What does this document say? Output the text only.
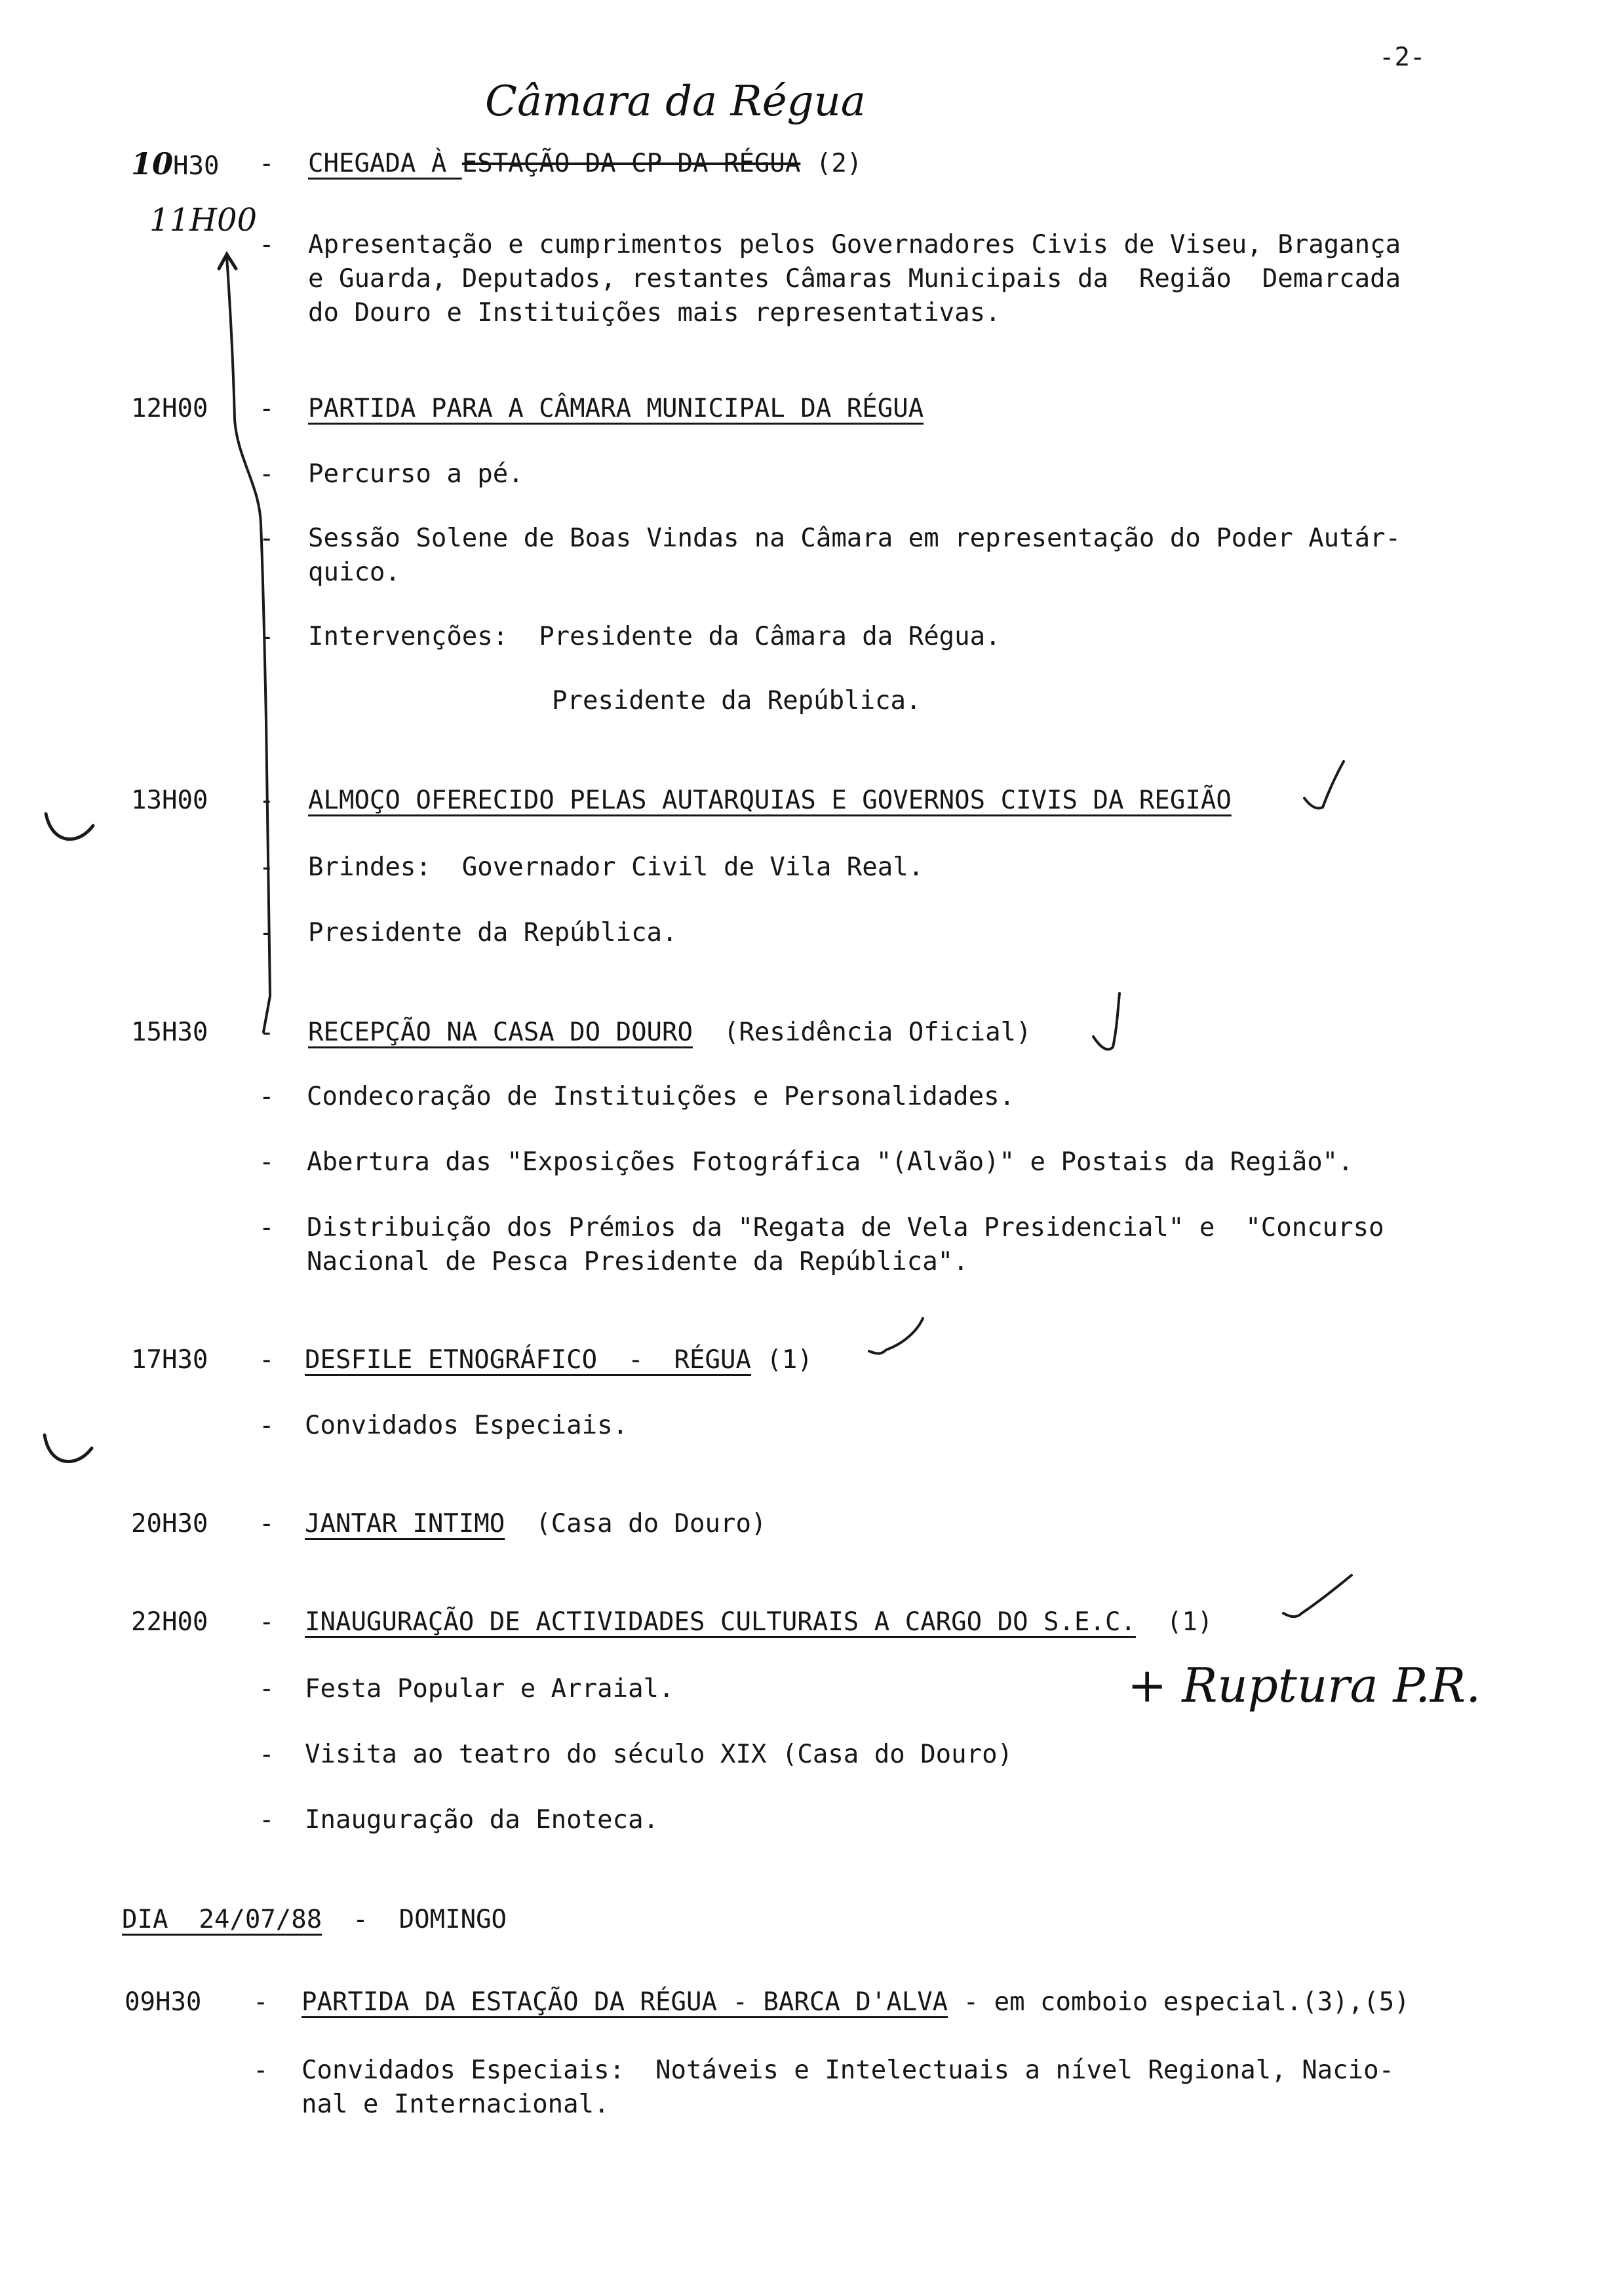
-2-
Câmara da Régua
10H30 - CHEGADA À ESTAÇÃO DA CP DA RÉGUA (2)
11H00
- Apresentação e cumprimentos pelos Governadores Civis de Viseu, Bragança
e Guarda, Deputados, restantes Câmaras Municipais da  Região  Demarcada
do Douro e Instituições mais representativas.
12H00 - PARTIDA PARA A CÂMARA MUNICIPAL DA RÉGUA
- Percurso a pé.
- Sessão Solene de Boas Vindas na Câmara em representação do Poder Autár-
quico.
- Intervenções:  Presidente da Câmara da Régua.
Presidente da República.
13H00 - ALMOÇO OFERECIDO PELAS AUTARQUIAS E GOVERNOS CIVIS DA REGIÃO
- Brindes:  Governador Civil de Vila Real.
- Presidente da República.
15H30 - RECEPÇÃO NA CASA DO DOURO  (Residência Oficial)
- Condecoração de Instituições e Personalidades.
- Abertura das "Exposições Fotográfica "(Alvão)" e Postais da Região".
- Distribuição dos Prémios da "Regata de Vela Presidencial" e  "Concurso
Nacional de Pesca Presidente da República".
17H30 - DESFILE ETNOGRÁFICO  -  RÉGUA (1)
- Convidados Especiais.
20H30 - JANTAR INTIMO  (Casa do Douro)
22H00 - INAUGURAÇÃO DE ACTIVIDADES CULTURAIS A CARGO DO S.E.C.  (1)
- Festa Popular e Arraial.
- Visita ao teatro do século XIX (Casa do Douro)
- Inauguração da Enoteca.
+ Ruptura P.R.
DIA  24/07/88 - DOMINGO
09H30 - PARTIDA DA ESTAÇÃO DA RÉGUA - BARCA D'ALVA - em comboio especial.(3),(5)
- Convidados Especiais:  Notáveis e Intelectuais a nível Regional, Nacio-
nal e Internacional.
